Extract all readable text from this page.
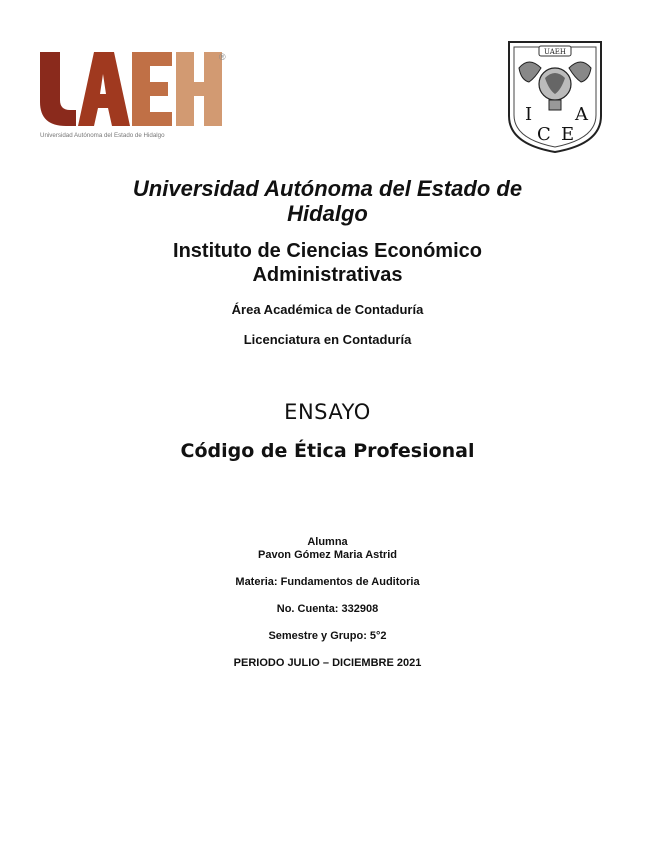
®
Universidad Autónoma del Estado de Hidalgo
UAEH
I
C E
A
Universidad Autónoma del Estado de Hidalgo
Instituto de Ciencias Económico Administrativas
Área Académica de Contaduría
Licenciatura en Contaduría
ENSAYO
Código de Ética Profesional
Alumna
Pavon Gómez Maria Astrid
Materia: Fundamentos de Auditoria
No. Cuenta: 332908
Semestre y Grupo: 5°2
PERIODO JULIO – DICIEMBRE 2021
